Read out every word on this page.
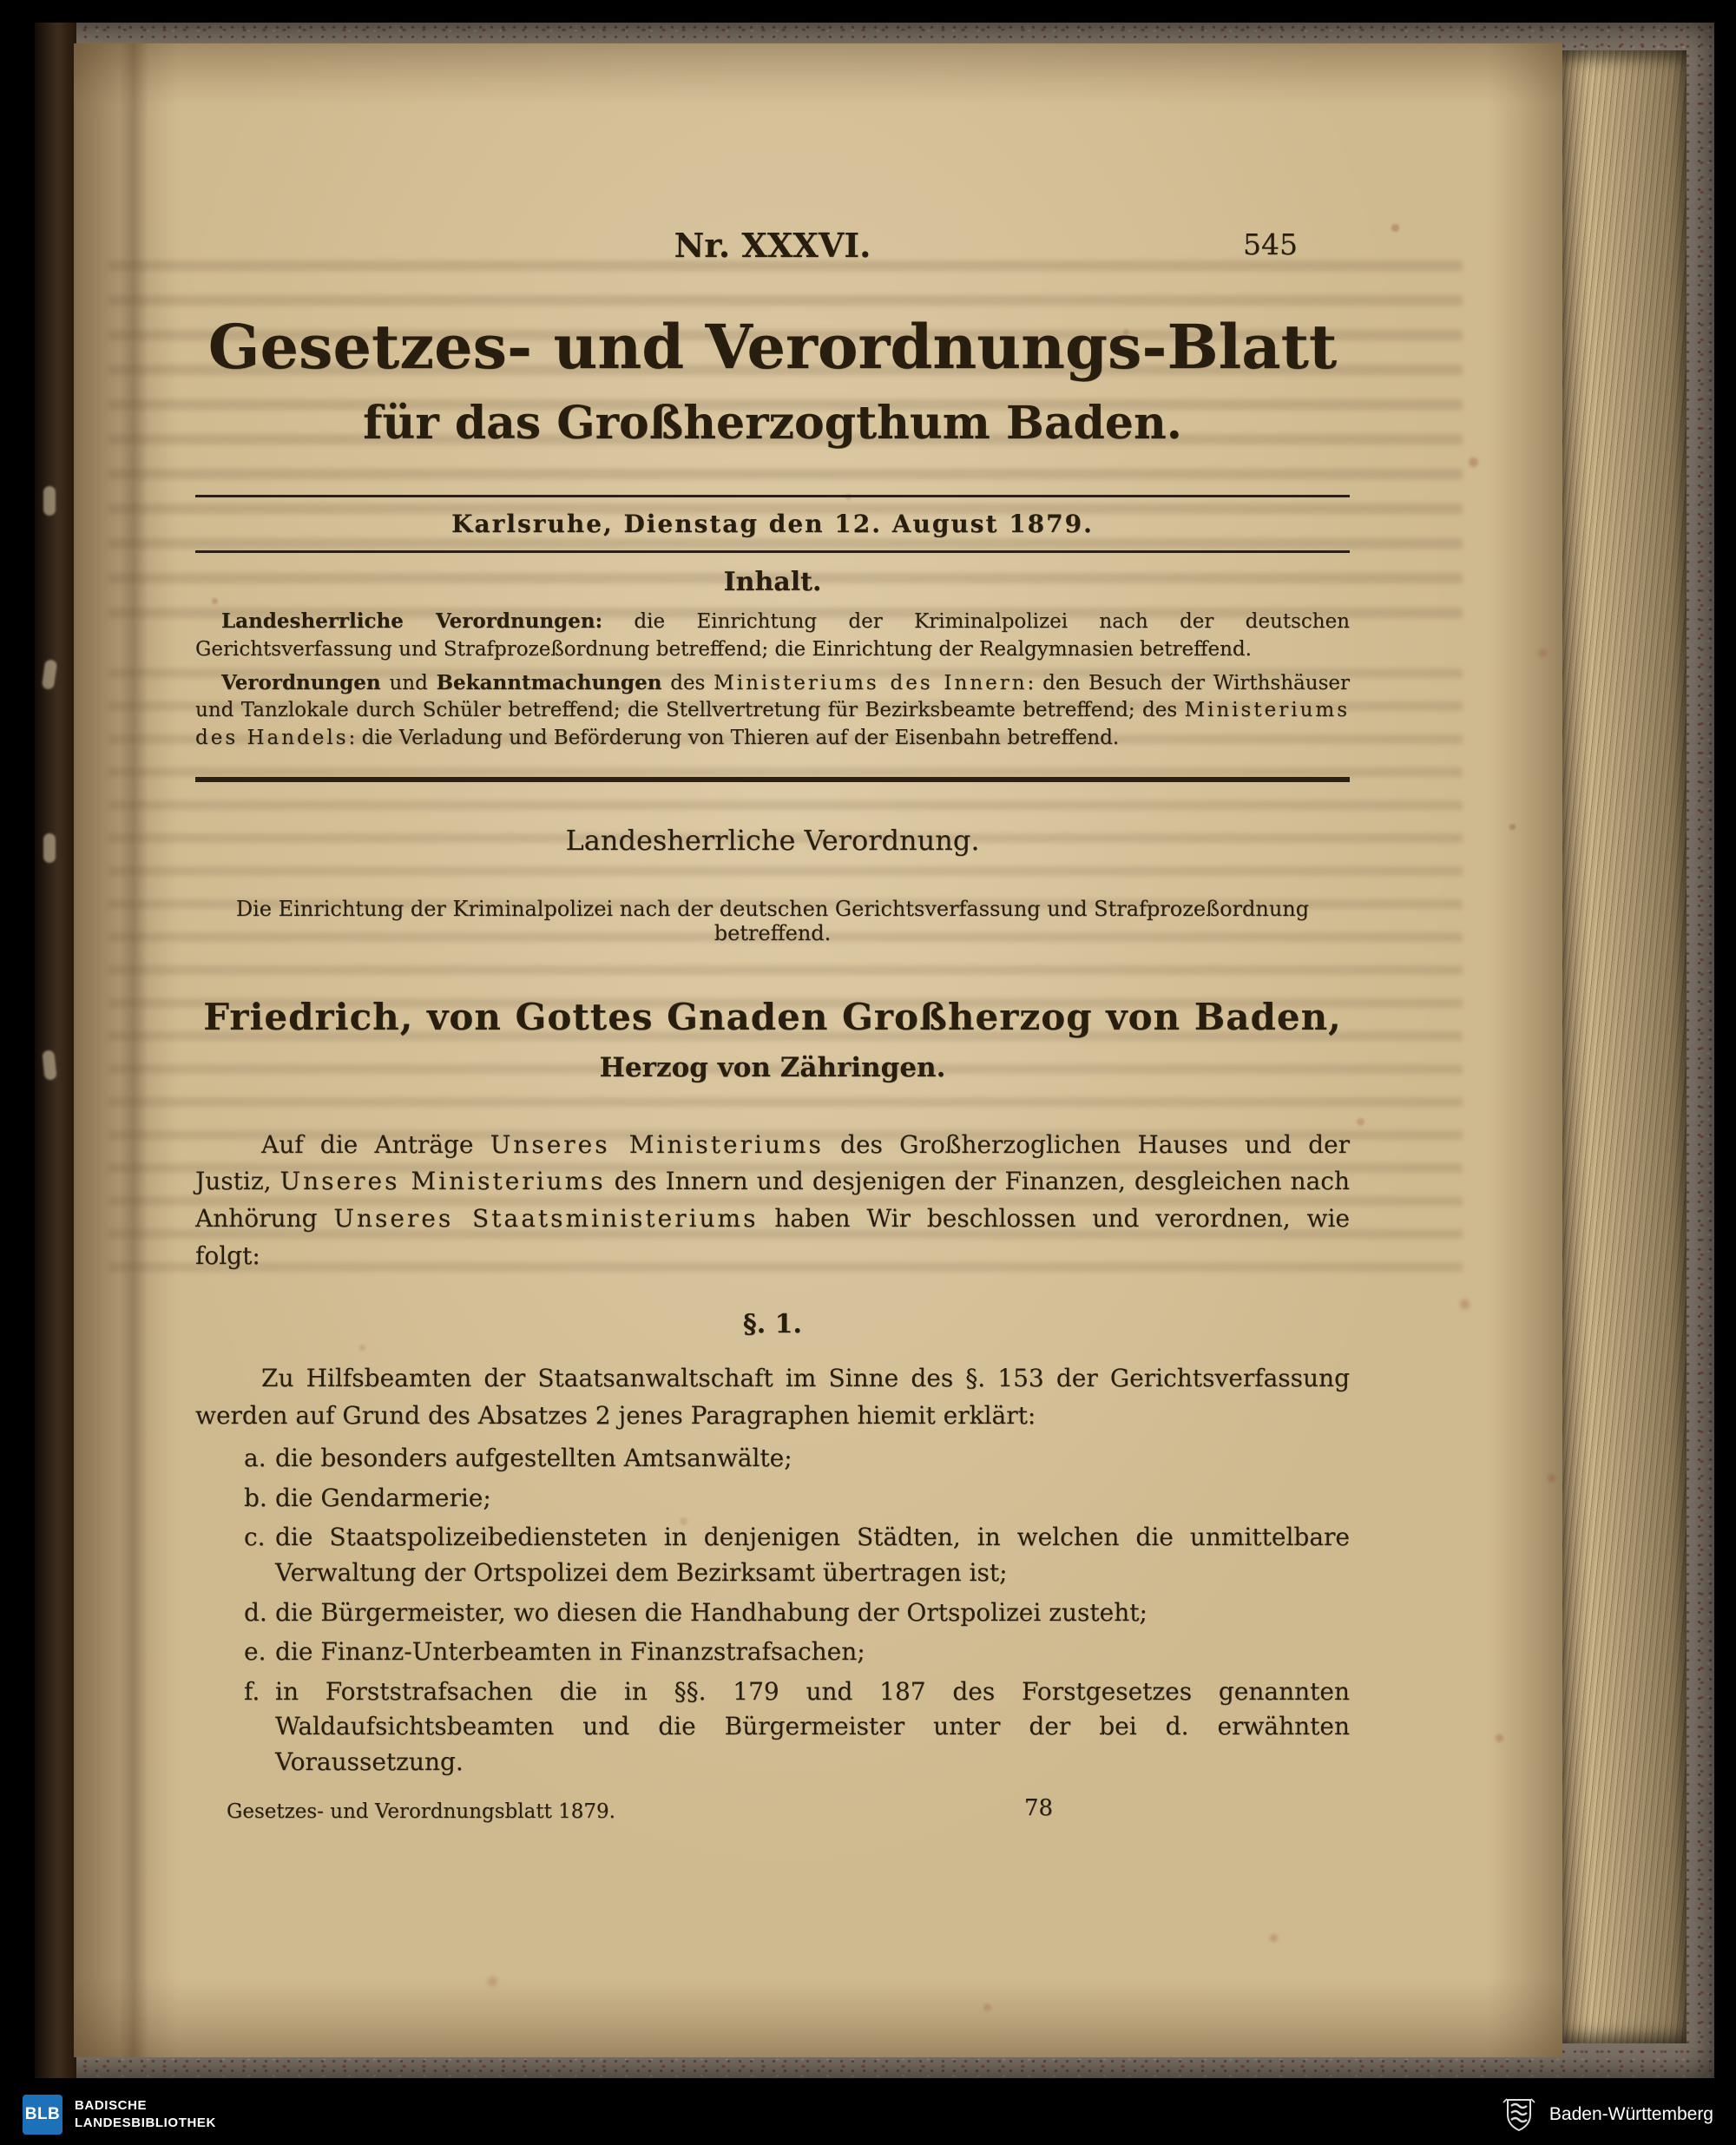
Nr. XXXVI.	545
Gesetzes- und Verordnungs-Blatt
für das Großherzogthum Baden.
Karlsruhe, Dienstag den 12. August 1879.
Inhalt.

Landesherrliche Verordnungen: die Einrichtung der Kriminalpolizei nach der deutschen Gerichtsverfassung und Strafprozeßordnung betreffend; die Einrichtung der Realgymnasien betreffend.

Verordnungen und Bekanntmachungen des Ministeriums des Innern: den Besuch der Wirthshäuser und Tanzlokale durch Schüler betreffend; die Stellvertretung für Bezirksbeamte betreffend; des Ministeriums des Handels: die Verladung und Beförderung von Thieren auf der Eisenbahn betreffend.

Landesherrliche Verordnung.
Die Einrichtung der Kriminalpolizei nach der deutschen Gerichtsverfassung und Strafprozeßordnung betreffend.
Friedrich, von Gottes Gnaden Großherzog von Baden,
Herzog von Zähringen.

Auf die Anträge Unseres Ministeriums des Großherzoglichen Hauses und der Justiz, Unseres Ministeriums des Innern und desjenigen der Finanzen, desgleichen nach Anhörung Unseres Staatsministeriums haben Wir beschlossen und verordnen, wie folgt:

§. 1.

Zu Hilfsbeamten der Staatsanwaltschaft im Sinne des §. 153 der Gerichtsverfassung werden auf Grund des Absatzes 2 jenes Paragraphen hiemit erklärt:

a. die besonders aufgestellten Amtsanwälte;
b. die Gendarmerie;
c. die Staatspolizeibediensteten in denjenigen Städten, in welchen die unmittelbare Verwaltung der Ortspolizei dem Bezirksamt übertragen ist;
d. die Bürgermeister, wo diesen die Handhabung der Ortspolizei zusteht;
e. die Finanz-Unterbeamten in Finanzstrafsachen;
f. in Forststrafsachen die in §§. 179 und 187 des Forstgesetzes genannten Waldaufsichtsbeamten und die Bürgermeister unter der bei d. erwähnten Voraussetzung.
Gesetzes- und Verordnungsblatt 1879.	78
BLB BADISCHE
LANDESBIBLIOTHEK	Baden-Württemberg
